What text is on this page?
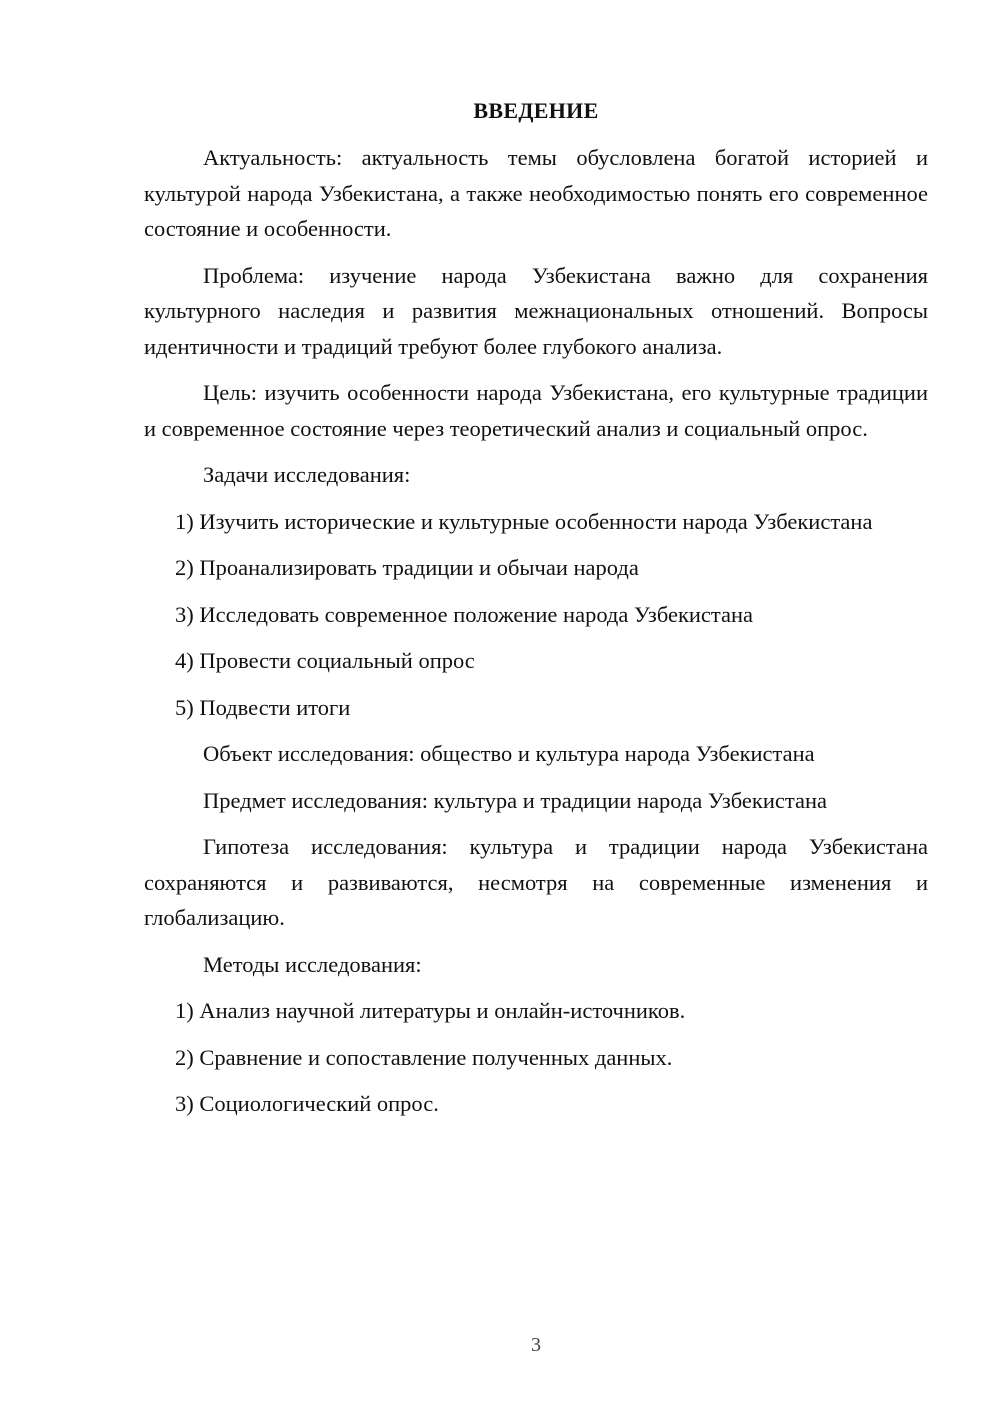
ВВЕДЕНИЕ

Актуальность: актуальность темы обусловлена богатой историей и культурой народа Узбекистана, а также необходимостью понять его современное состояние и особенности.

Проблема: изучение народа Узбекистана важно для сохранения культурного наследия и развития межнациональных отношений. Вопросы идентичности и традиций требуют более глубокого анализа.

Цель: изучить особенности народа Узбекистана, его культурные традиции и современное состояние через теоретический анализ и социальный опрос.

Задачи исследования:

1) Изучить исторические и культурные особенности народа Узбекистана

2) Проанализировать традиции и обычаи народа

3) Исследовать современное положение народа Узбекистана

4) Провести социальный опрос

5) Подвести итоги

Объект исследования: общество и культура народа Узбекистана

Предмет исследования: культура и традиции народа Узбекистана

Гипотеза исследования: культура и традиции народа Узбекистана сохраняются и развиваются, несмотря на современные изменения и глобализацию.

Методы исследования:

1) Анализ научной литературы и онлайн-источников.

2) Сравнение и сопоставление полученных данных.

3) Социологический опрос.

3
